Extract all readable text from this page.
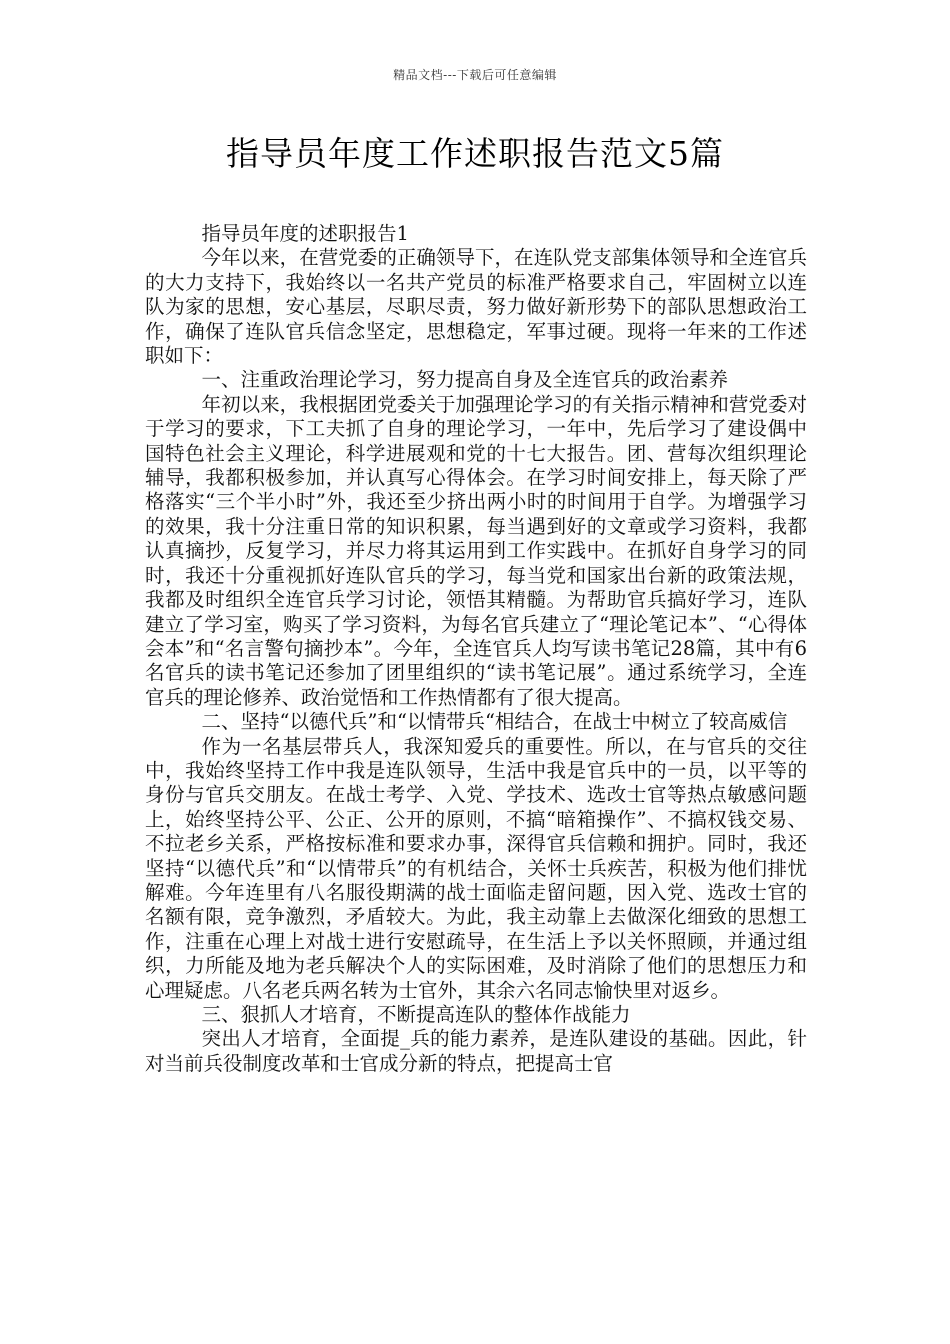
精品文档---下载后可任意编辑
指导员年度工作述职报告范文5篇

指导员年度的述职报告1

今年以来，在营党委的正确领导下，在连队党支部集体领导和全连官兵的大力支持下，我始终以一名共产党员的标准严格要求自己，牢固树立以连队为家的思想，安心基层，尽职尽责，努力做好新形势下的部队思想政治工作，确保了连队官兵信念坚定，思想稳定，军事过硬。现将一年来的工作述职如下：

一、注重政治理论学习，努力提高自身及全连官兵的政治素养

年初以来，我根据团党委关于加强理论学习的有关指示精神和营党委对于学习的要求，下工夫抓了自身的理论学习，一年中，先后学习了建设偶中国特色社会主义理论，科学进展观和党的十七大报告。团、营每次组织理论辅导，我都积极参加，并认真写心得体会。在学习时间安排上，每天除了严格落实“三个半小时”外，我还至少挤出两小时的时间用于自学。为增强学习的效果，我十分注重日常的知识积累，每当遇到好的文章或学习资料，我都认真摘抄，反复学习，并尽力将其运用到工作实践中。在抓好自身学习的同时，我还十分重视抓好连队官兵的学习，每当党和国家出台新的政策法规，我都及时组织全连官兵学习讨论，领悟其精髓。为帮助官兵搞好学习，连队建立了学习室，购买了学习资料，为每名官兵建立了“理论笔记本”、“心得体会本”和“名言警句摘抄本”。今年，全连官兵人均写读书笔记28篇，其中有6名官兵的读书笔记还参加了团里组织的“读书笔记展”。通过系统学习，全连官兵的理论修养、政治觉悟和工作热情都有了很大提高。

二、坚持“以德代兵”和“以情带兵“相结合，在战士中树立了较高威信

作为一名基层带兵人，我深知爱兵的重要性。所以，在与官兵的交往中，我始终坚持工作中我是连队领导，生活中我是官兵中的一员，以平等的身份与官兵交朋友。在战士考学、入党、学技术、选改士官等热点敏感问题上，始终坚持公平、公正、公开的原则，不搞“暗箱操作”、不搞权钱交易、不拉老乡关系，严格按标准和要求办事，深得官兵信赖和拥护。同时，我还坚持“以德代兵”和“以情带兵”的有机结合，关怀士兵疾苦，积极为他们排忧解难。今年连里有八名服役期满的战士面临走留问题，因入党、选改士官的名额有限，竞争激烈，矛盾较大。为此，我主动靠上去做深化细致的思想工作，注重在心理上对战士进行安慰疏导，在生活上予以关怀照顾，并通过组织，力所能及地为老兵解决个人的实际困难，及时消除了他们的思想压力和心理疑虑。八名老兵两名转为士官外，其余六名同志愉快里对返乡。

三、狠抓人才培育，不断提高连队的整体作战能力

突出人才培育，全面提_兵的能力素养，是连队建设的基础。因此，针对当前兵役制度改革和士官成分新的特点，把提高士官
